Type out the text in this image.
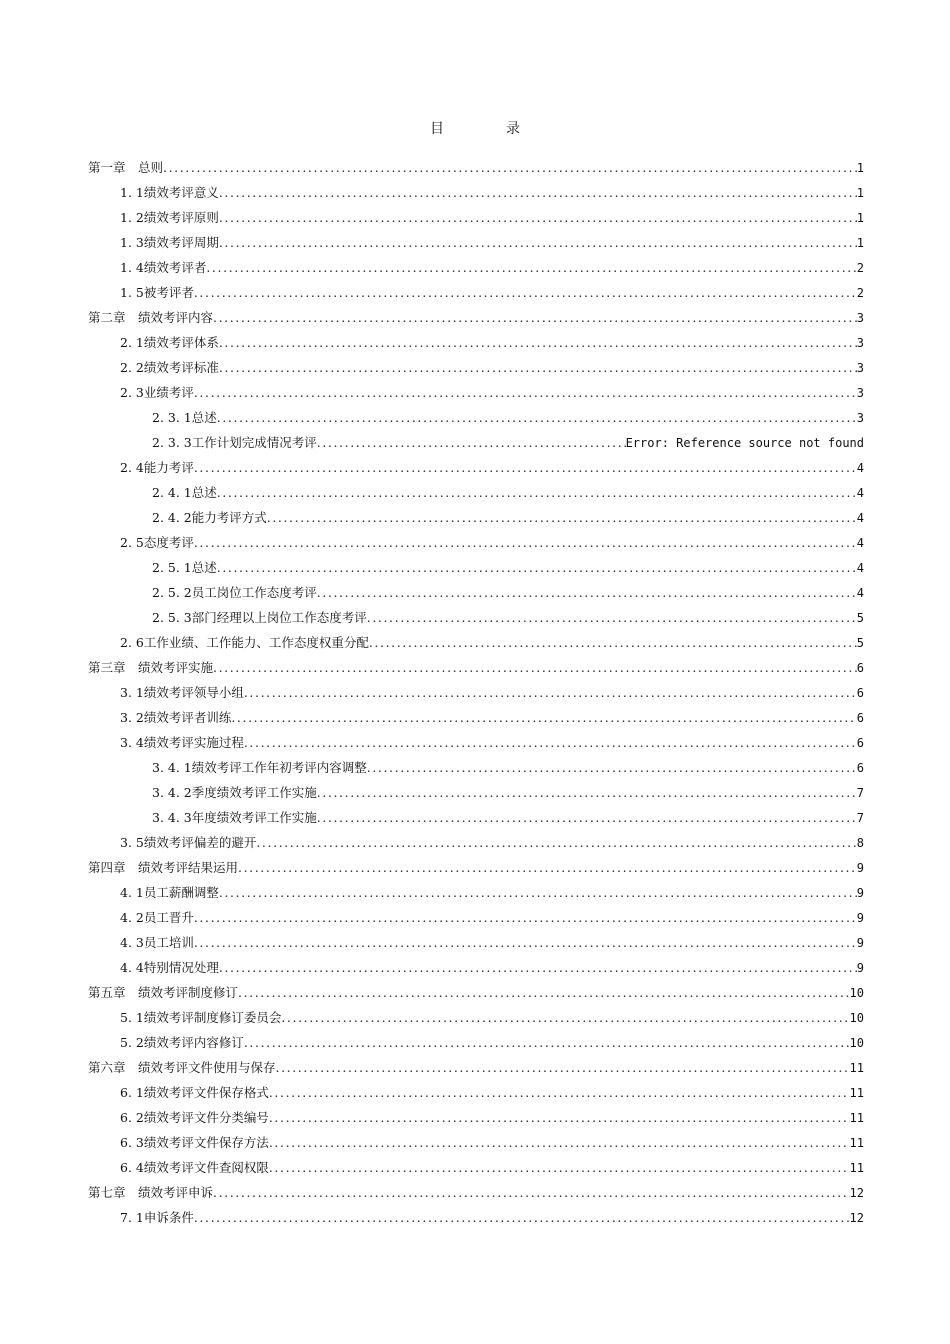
目　录
第一章　总则 .....	1
1. 1绩效考评意义 .....	1
1. 2绩效考评原则 .....	1
1. 3绩效考评周期 .....	1
1. 4绩效考评者 .....	2
1. 5被考评者 .....	2
第二章　绩效考评内容 .....	3
2. 1绩效考评体系 .....	3
2. 2绩效考评标准 .....	3
2. 3业绩考评 .....	3
2. 3. 1总述 .....	3
2. 3. 3工作计划完成情况考评 .....	Error: Reference source not found
2. 4能力考评 .....	4
2. 4. 1总述 .....	4
2. 4. 2能力考评方式 .....	4
2. 5态度考评 .....	4
2. 5. 1总述 .....	4
2. 5. 2员工岗位工作态度考评 .....	4
2. 5. 3部门经理以上岗位工作态度考评 .....	5
2. 6工作业绩、工作能力、工作态度权重分配 .....	5
第三章　绩效考评实施 .....	6
3. 1绩效考评领导小组 .....	6
3. 2绩效考评者训练 .....	6
3. 4绩效考评实施过程 .....	6
3. 4. 1绩效考评工作年初考评内容调整 .....	6
3. 4. 2季度绩效考评工作实施 .....	7
3. 4. 3年度绩效考评工作实施 .....	7
3. 5绩效考评偏差的避开 .....	8
第四章　绩效考评结果运用 .....	9
4. 1员工薪酬调整 .....	9
4. 2员工晋升 .....	9
4. 3员工培训 .....	9
4. 4特别情况处理 .....	9
第五章　绩效考评制度修订 .....	10
5. 1绩效考评制度修订委员会 .....	10
5. 2绩效考评内容修订 .....	10
第六章　绩效考评文件使用与保存 .....	11
6. 1绩效考评文件保存格式 .....	11
6. 2绩效考评文件分类编号 .....	11
6. 3绩效考评文件保存方法 .....	11
6. 4绩效考评文件查阅权限 .....	11
第七章　绩效考评申诉 .....	12
7. 1申诉条件 .....	12
